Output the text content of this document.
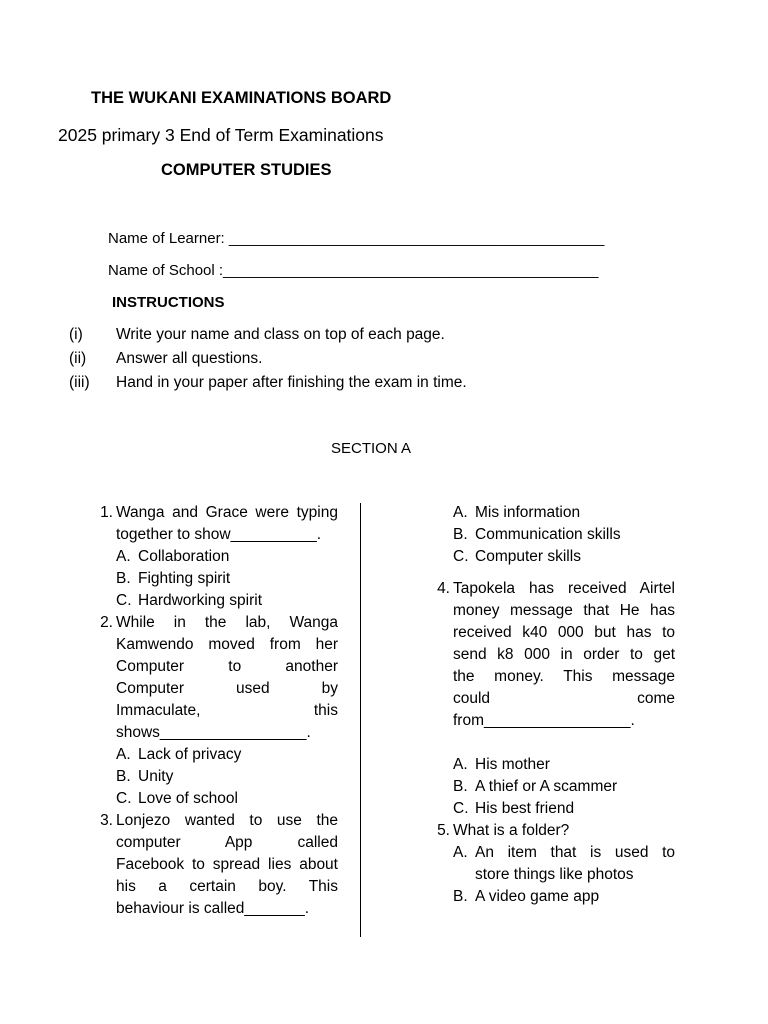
THE WUKANI EXAMINATIONS BOARD
2025 primary 3 End of Term Examinations
COMPUTER STUDIES
Name of Learner: _____________________________________________
Name of School :_____________________________________________
INSTRUCTIONS
(i) Write your name and class on top of each page.
(ii) Answer all questions.
(iii) Hand in your paper after finishing the exam in time.
SECTION A
1. Wanga and Grace were typing
together to show__________.
A. Collaboration
B. Fighting spirit
C. Hardworking spirit
2. While in the lab, Wanga
Kamwendo moved from her
Computer to another
Computer used by
Immaculate, this
shows_________________.
A. Lack of privacy
B. Unity
C. Love of school
3. Lonjezo wanted to use the
computer App called
Facebook to spread lies about
his a certain boy. This
behaviour is called_______.
A. Mis information
B. Communication skills
C. Computer skills
4. Tapokela has received Airtel
money message that He has
received k40 000 but has to
send k8 000 in order to get
the money. This message
could come
from_________________.
A. His mother
B. A thief or A scammer
C. His best friend
5. What is a folder?
A. An item that is used to
store things like photos
B. A video game app
